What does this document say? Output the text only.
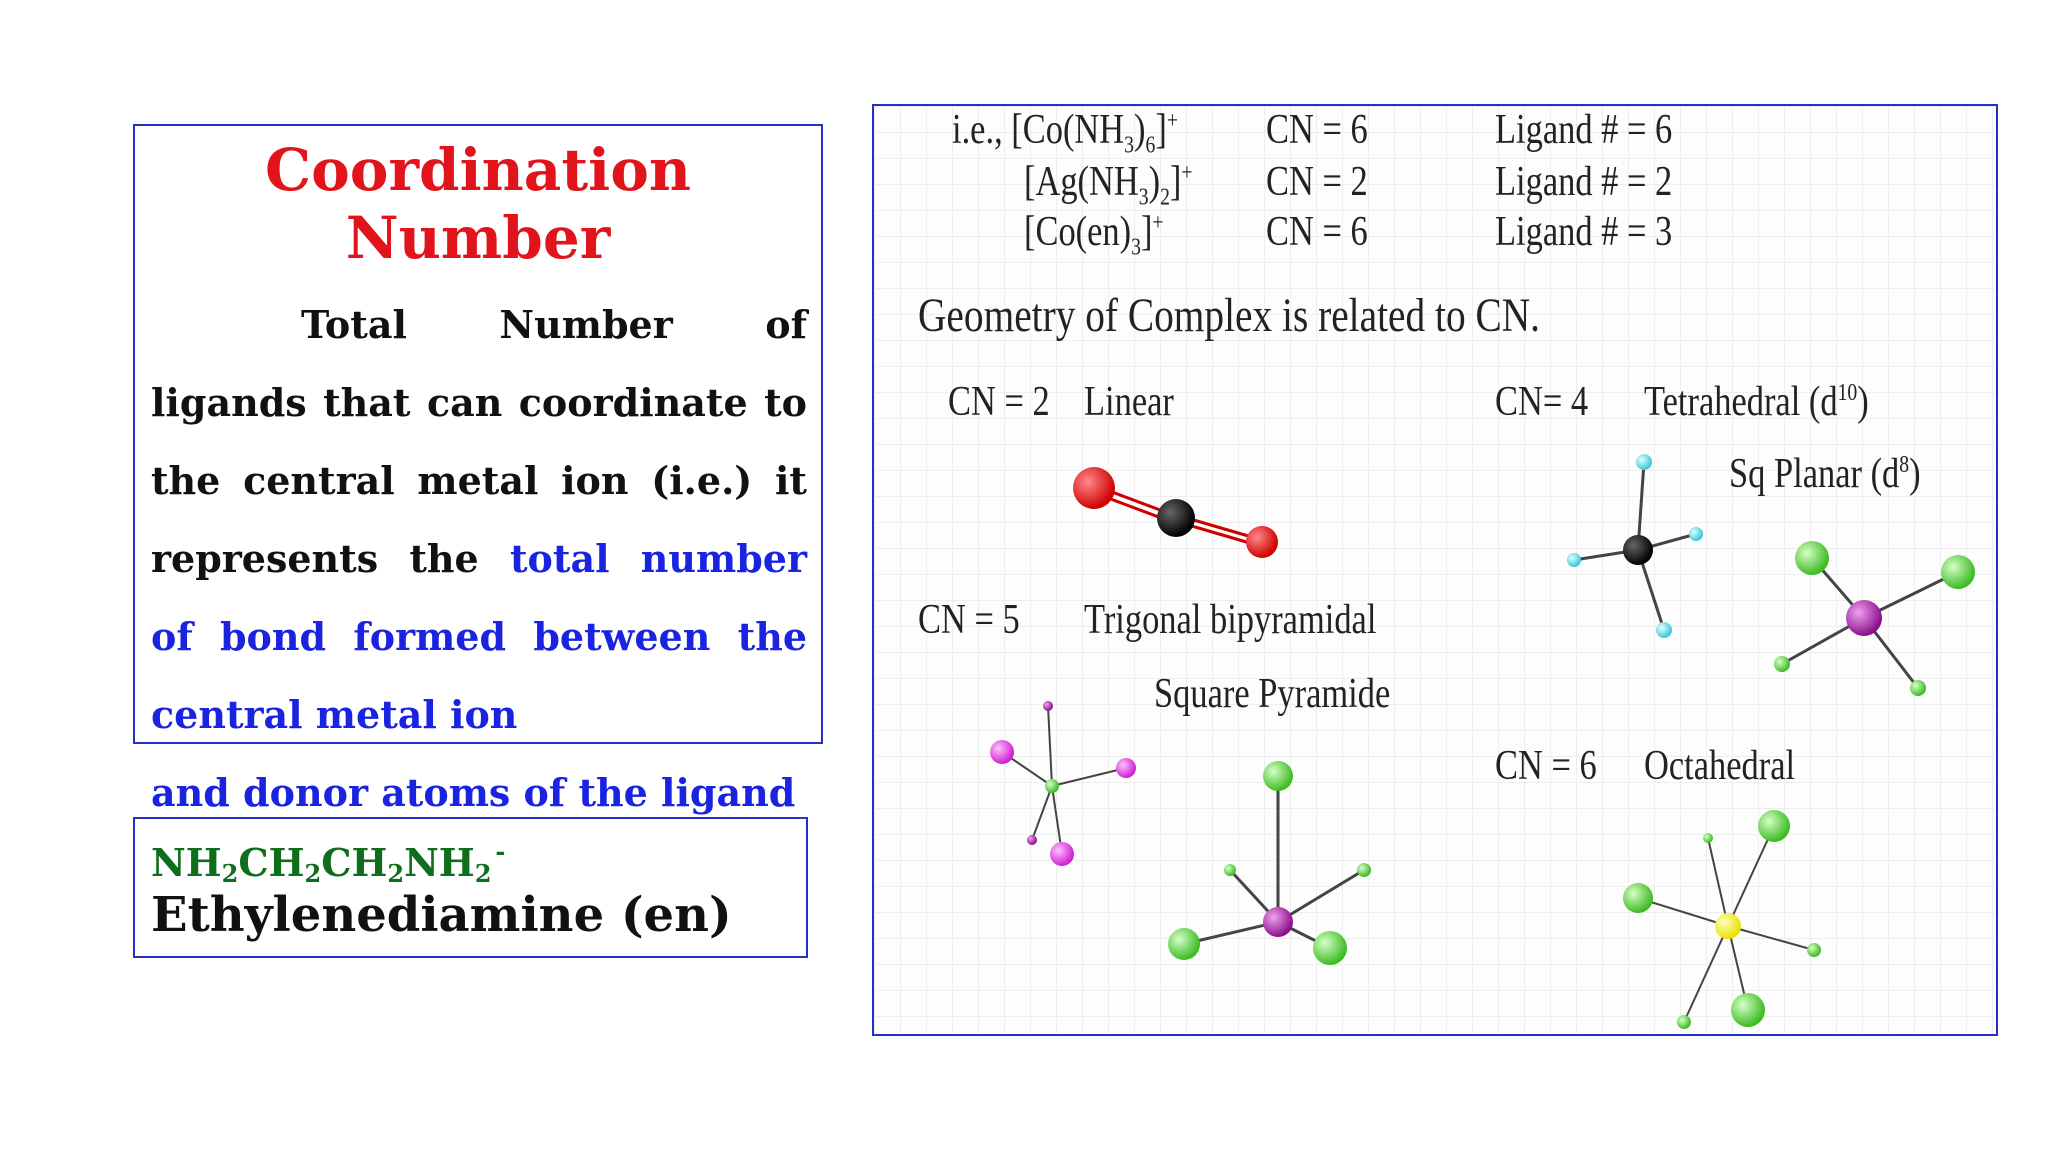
Coordination Number
Total Number of ligands that can coordinate to the central metal ion (i.e.) it represents the total number of bond formed between the central metal ion
and donor atoms of the ligand
$NH_2CH_2CH_2NH_2^-$
Ethylenediamine (en)
i.e., $[Co(NH_3)_6]^+$ CN = 6	Ligand # = 6
$[Ag(NH_3)_2]^+$ CN = 2	Ligand # = 2
$[Co(en)_3]^+$ CN = 6	Ligand # = 3
Geometry of Complex is related to CN.
CN = 2 Linear	CN= 4 Tetrahedral $(d^{10})$
Sq Planar $(d^8)$
CN = 5 Trigonal bipyramidal
Square Pyramide
CN = 6 Octahedral
